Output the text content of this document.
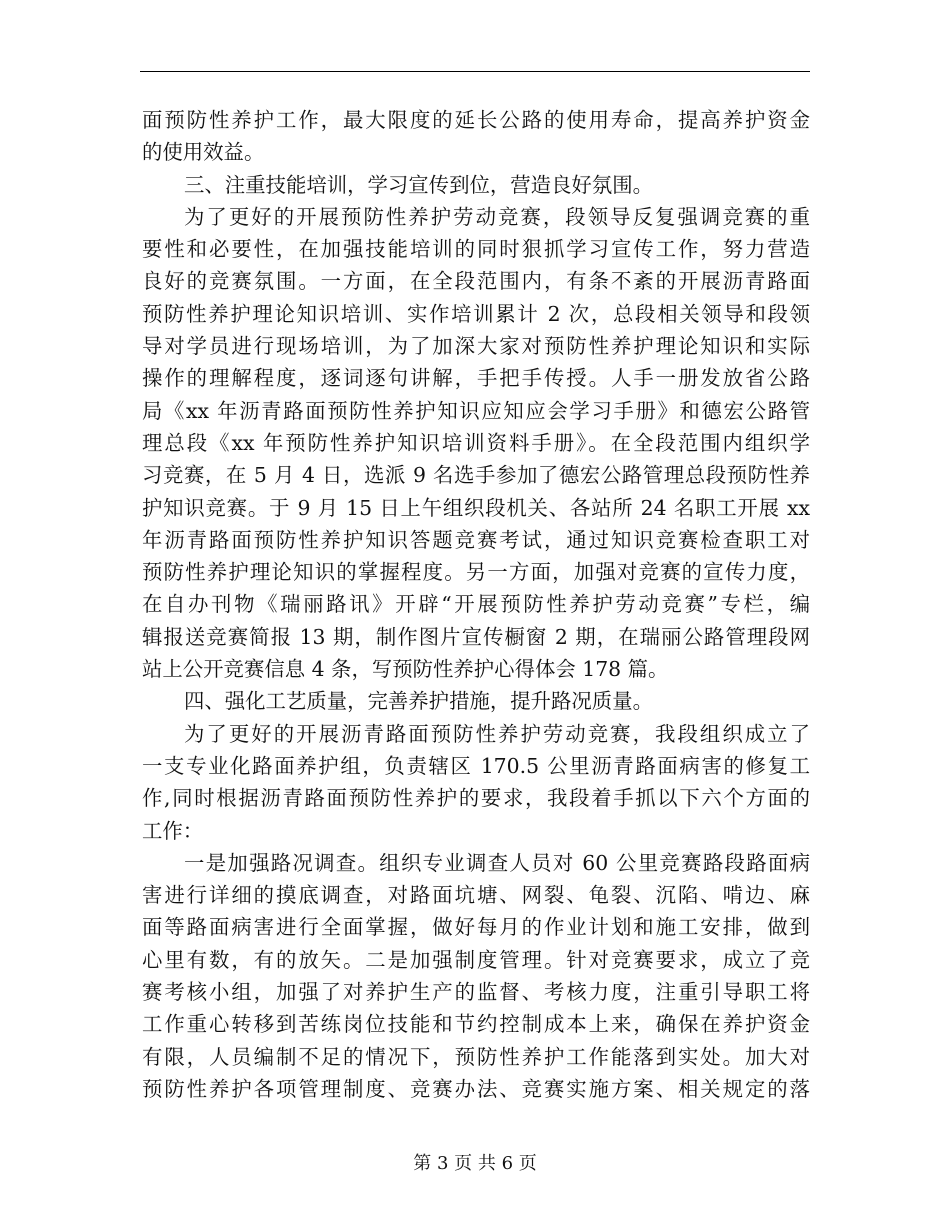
面预防性养护工作，最大限度的延长公路的使用寿命，提高养护资金
的使用效益。
三、注重技能培训，学习宣传到位，营造良好氛围。
为了更好的开展预防性养护劳动竞赛，段领导反复强调竞赛的重
要性和必要性，在加强技能培训的同时狠抓学习宣传工作，努力营造
良好的竞赛氛围。一方面，在全段范围内，有条不紊的开展沥青路面
预防性养护理论知识培训、实作培训累计 2 次，总段相关领导和段领
导对学员进行现场培训，为了加深大家对预防性养护理论知识和实际
操作的理解程度，逐词逐句讲解，手把手传授。人手一册发放省公路
局《xx 年沥青路面预防性养护知识应知应会学习手册》和德宏公路管
理总段《xx 年预防性养护知识培训资料手册》。在全段范围内组织学
习竞赛，在 5 月 4 日，选派 9 名选手参加了德宏公路管理总段预防性养
护知识竞赛。于 9 月 15 日上午组织段机关、各站所 24 名职工开展 xx
年沥青路面预防性养护知识答题竞赛考试，通过知识竞赛检查职工对
预防性养护理论知识的掌握程度。另一方面，加强对竞赛的宣传力度，
在自办刊物《瑞丽路讯》开辟“开展预防性养护劳动竞赛”专栏，编
辑报送竞赛简报 13 期，制作图片宣传橱窗 2 期，在瑞丽公路管理段网
站上公开竞赛信息 4 条，写预防性养护心得体会 178 篇。
四、强化工艺质量，完善养护措施，提升路况质量。
为了更好的开展沥青路面预防性养护劳动竞赛，我段组织成立了
一支专业化路面养护组，负责辖区 170.5 公里沥青路面病害的修复工
作,同时根据沥青路面预防性养护的要求，我段着手抓以下六个方面的
工作：
一是加强路况调查。组织专业调查人员对 60 公里竞赛路段路面病
害进行详细的摸底调查，对路面坑塘、网裂、龟裂、沉陷、啃边、麻
面等路面病害进行全面掌握，做好每月的作业计划和施工安排，做到
心里有数，有的放矢。二是加强制度管理。针对竞赛要求，成立了竞
赛考核小组，加强了对养护生产的监督、考核力度，注重引导职工将
工作重心转移到苦练岗位技能和节约控制成本上来，确保在养护资金
有限，人员编制不足的情况下，预防性养护工作能落到实处。加大对
预防性养护各项管理制度、竞赛办法、竞赛实施方案、相关规定的落
第 3 页 共 6 页
